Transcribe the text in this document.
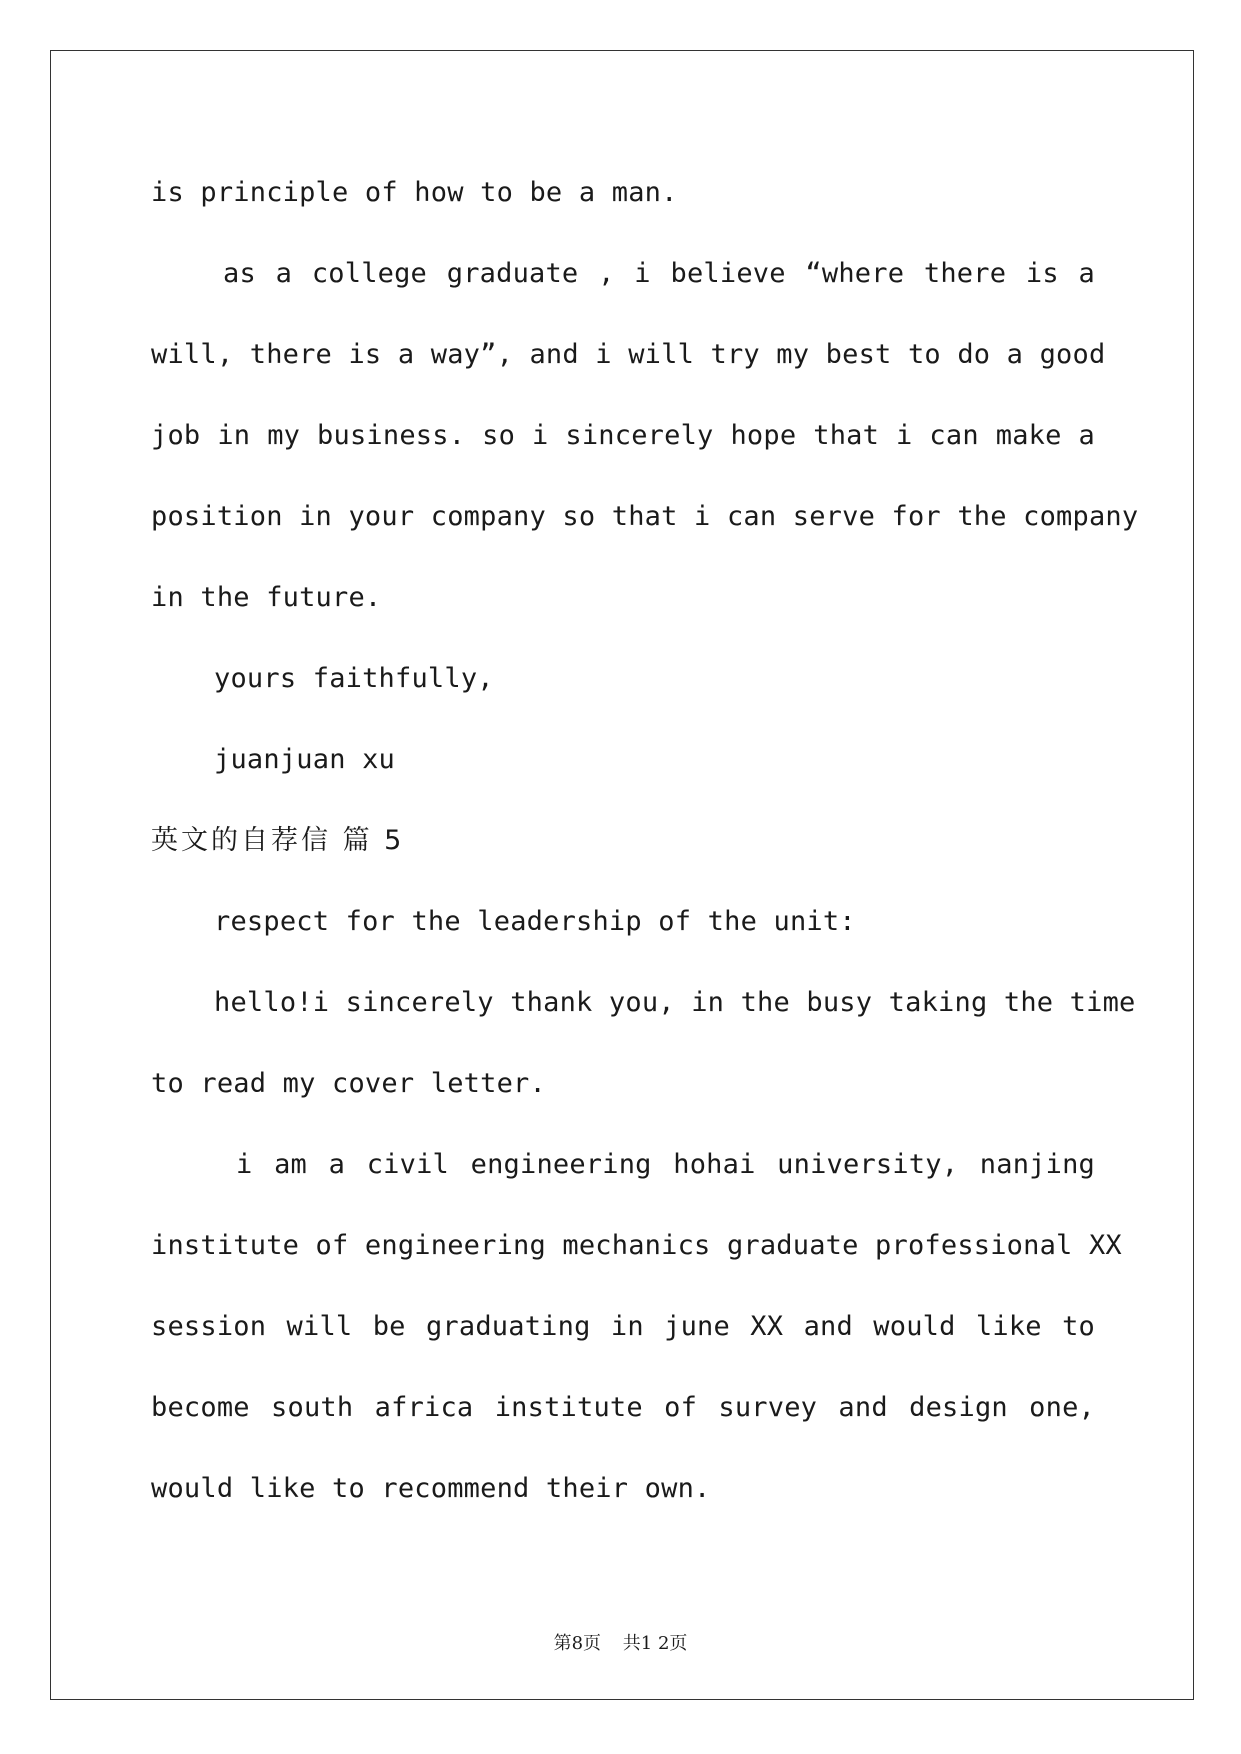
is principle of how to be a man.
as a college graduate , i believe “where there is a
will, there is a way”, and i will try my best to do a good
job in my business. so i sincerely hope that i can make a
position in your company so that i can serve for the company
in the future.
yours faithfully,
juanjuan xu
英文的自荐信 篇 5
respect for the leadership of the unit:
hello!i sincerely thank you, in the busy taking the time
to read my cover letter.
i am a civil engineering hohai university, nanjing
institute of engineering mechanics graduate professional XX
session will be graduating in june XX and would like to
become south africa institute of survey and design one,
would like to recommend their own.
第8页 共1 2页
